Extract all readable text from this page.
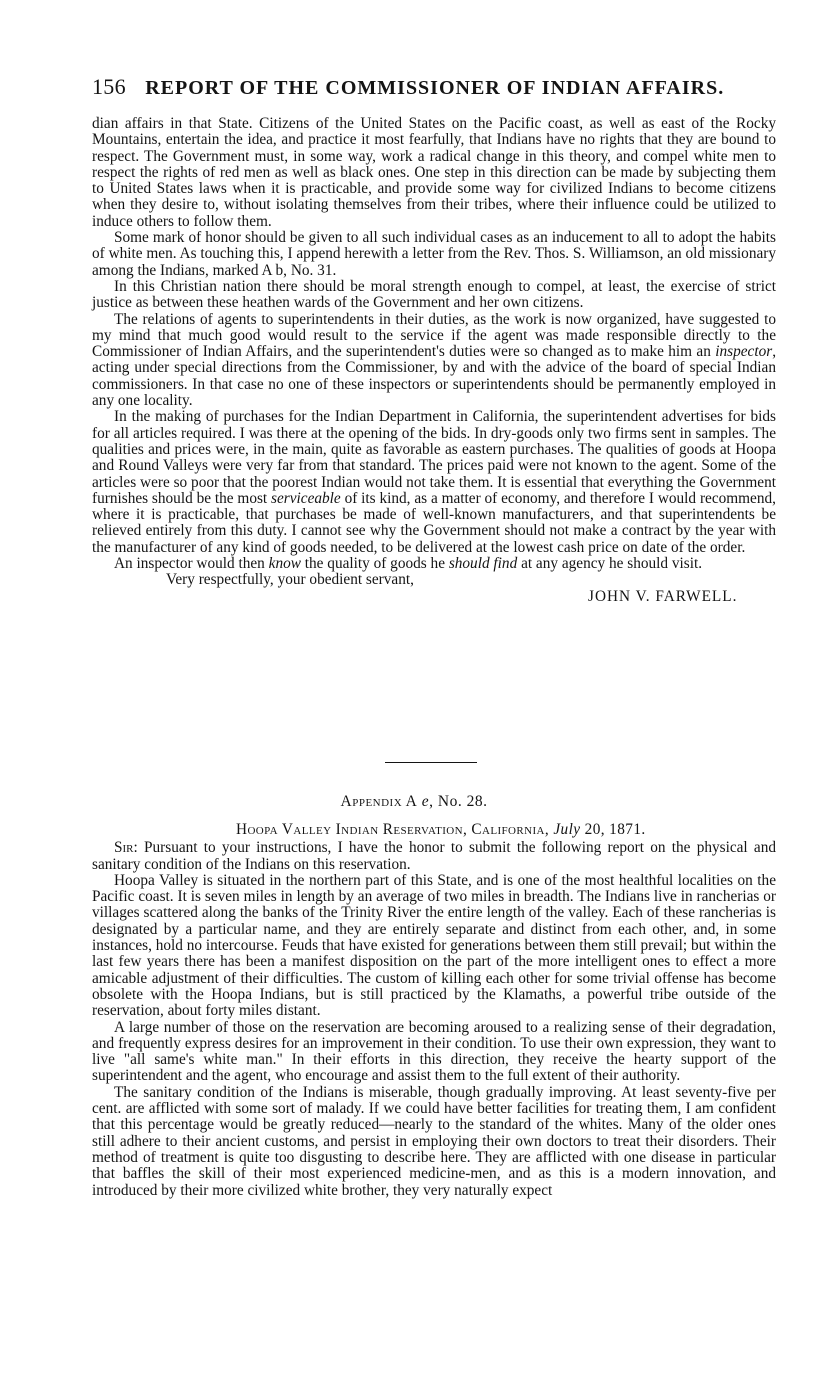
156 REPORT OF THE COMMISSIONER OF INDIAN AFFAIRS.

dian affairs in that State. Citizens of the United States on the Pacific coast, as well as east of the Rocky Mountains, entertain the idea, and practice it most fearfully, that Indians have no rights that they are bound to respect. The Government must, in some way, work a radical change in this theory, and compel white men to respect the rights of red men as well as black ones. One step in this direction can be made by subjecting them to United States laws when it is practicable, and provide some way for civilized Indians to become citizens when they desire to, without isolating themselves from their tribes, where their influence could be utilized to induce others to follow them.

Some mark of honor should be given to all such individual cases as an inducement to all to adopt the habits of white men. As touching this, I append herewith a letter from the Rev. Thos. S. Williamson, an old missionary among the Indians, marked A b, No. 31.

In this Christian nation there should be moral strength enough to compel, at least, the exercise of strict justice as between these heathen wards of the Government and her own citizens.

The relations of agents to superintendents in their duties, as the work is now organized, have suggested to my mind that much good would result to the service if the agent was made responsible directly to the Commissioner of Indian Affairs, and the superintendent's duties were so changed as to make him an inspector, acting under special directions from the Commissioner, by and with the advice of the board of special Indian commissioners. In that case no one of these inspectors or superintendents should be permanently employed in any one locality.

In the making of purchases for the Indian Department in California, the superintendent advertises for bids for all articles required. I was there at the opening of the bids. In dry-goods only two firms sent in samples. The qualities and prices were, in the main, quite as favorable as eastern purchases. The qualities of goods at Hoopa and Round Valleys were very far from that standard. The prices paid were not known to the agent. Some of the articles were so poor that the poorest Indian would not take them. It is essential that everything the Government furnishes should be the most serviceable of its kind, as a matter of economy, and therefore I would recommend, where it is practicable, that purchases be made of well-known manufacturers, and that superintendents be relieved entirely from this duty. I cannot see why the Government should not make a contract by the year with the manufacturer of any kind of goods needed, to be delivered at the lowest cash price on date of the order.

An inspector would then know the quality of goods he should find at any agency he should visit.

Very respectfully, your obedient servant,

JOHN V. FARWELL.

Appendix A e, No. 28.

Hoopa Valley Indian Reservation, California, July 20, 1871.

Sir: Pursuant to your instructions, I have the honor to submit the following report on the physical and sanitary condition of the Indians on this reservation.

Hoopa Valley is situated in the northern part of this State, and is one of the most healthful localities on the Pacific coast. It is seven miles in length by an average of two miles in breadth. The Indians live in rancherias or villages scattered along the banks of the Trinity River the entire length of the valley. Each of these rancherias is designated by a particular name, and they are entirely separate and distinct from each other, and, in some instances, hold no intercourse. Feuds that have existed for generations between them still prevail; but within the last few years there has been a manifest disposition on the part of the more intelligent ones to effect a more amicable adjustment of their difficulties. The custom of killing each other for some trivial offense has become obsolete with the Hoopa Indians, but is still practiced by the Klamaths, a powerful tribe outside of the reservation, about forty miles distant.

A large number of those on the reservation are becoming aroused to a realizing sense of their degradation, and frequently express desires for an improvement in their condition. To use their own expression, they want to live "all same's white man." In their efforts in this direction, they receive the hearty support of the superintendent and the agent, who encourage and assist them to the full extent of their authority.

The sanitary condition of the Indians is miserable, though gradually improving. At least seventy-five per cent. are afflicted with some sort of malady. If we could have better facilities for treating them, I am confident that this percentage would be greatly reduced—nearly to the standard of the whites. Many of the older ones still adhere to their ancient customs, and persist in employing their own doctors to treat their disorders. Their method of treatment is quite too disgusting to describe here. They are afflicted with one disease in particular that baffles the skill of their most experienced medicine-men, and as this is a modern innovation, and introduced by their more civilized white brother, they very naturally expect
